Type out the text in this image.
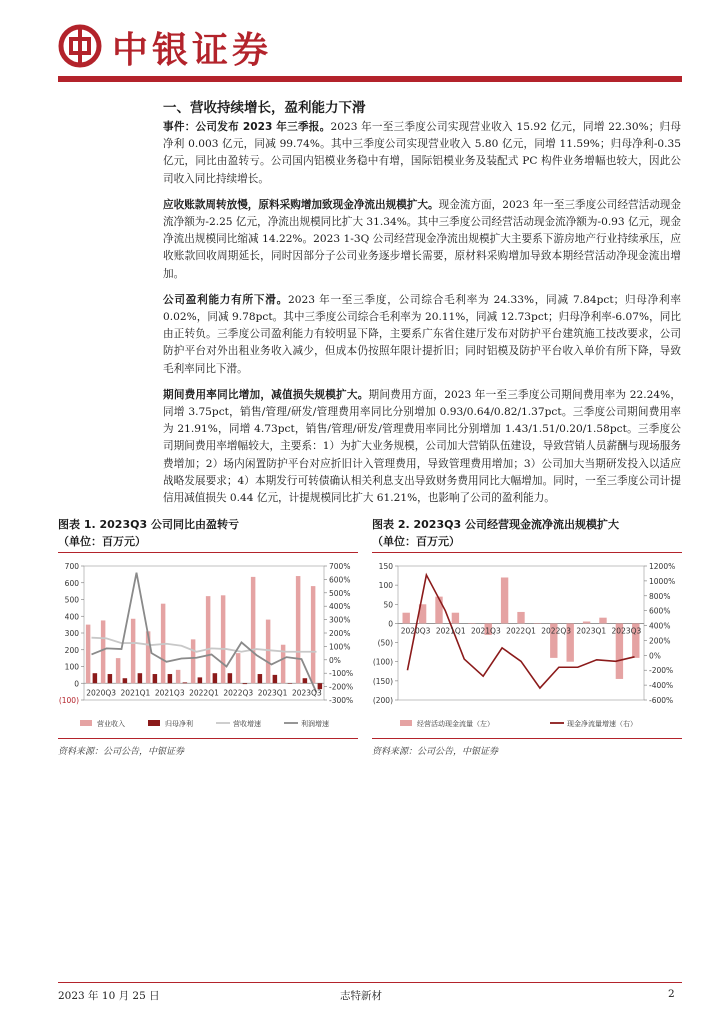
中银证券
一、营收持续增长，盈利能力下滑

事件：公司发布 2023 年三季报。2023 年一至三季度公司实现营业收入 15.92 亿元，同增 22.30%；归母净利 0.003 亿元，同减 99.74%。其中三季度公司实现营业收入 5.80 亿元，同增 11.59%；归母净利-0.35 亿元，同比由盈转亏。公司国内铝模业务稳中有增，国际铝模业务及装配式 PC 构件业务增幅也较大，因此公司收入同比持续增长。

应收账款周转放慢，原料采购增加致现金净流出规模扩大。现金流方面，2023 年一至三季度公司经营活动现金流净额为-2.25 亿元，净流出规模同比扩大 31.34%。其中三季度公司经营活动现金流净额为-0.93 亿元，现金净流出规模同比缩减 14.22%。2023 1-3Q 公司经营现金净流出规模扩大主要系下游房地产行业持续承压，应收账款回收周期延长，同时因部分子公司业务逐步增长需要，原材料采购增加导致本期经营活动净现金流出增加。

公司盈利能力有所下滑。2023 年一至三季度，公司综合毛利率为 24.33%，同减 7.84pct；归母净利率 0.02%，同减 9.78pct。其中三季度公司综合毛利率为 20.11%，同减 12.73pct；归母净利率-6.07%，同比由正转负。三季度公司盈利能力有较明显下降，主要系广东省住建厅发布对防护平台建筑施工技改要求，公司防护平台对外出租业务收入减少，但成本仍按照年限计提折旧；同时铝模及防护平台收入单价有所下降，导致毛利率同比下滑。

期间费用率同比增加，减值损失规模扩大。期间费用方面，2023 年一至三季度公司期间费用率为 22.24%，同增 3.75pct，销售/管理/研发/管理费用率同比分别增加 0.93/0.64/0.82/1.37pct。三季度公司期间费用率为 21.91%，同增 4.73pct，销售/管理/研发/管理费用率同比分别增加 1.43/1.51/0.20/1.58pct。三季度公司期间费用率增幅较大，主要系：1）为扩大业务规模，公司加大营销队伍建设，导致营销人员薪酬与现场服务费增加；2）场内闲置防护平台对应折旧计入管理费用，导致管理费用增加；3）公司加大当期研发投入以适应战略发展要求；4）本期发行可转债确认相关利息支出导致财务费用同比大幅增加。同时，一至三季度公司计提信用减值损失 0.44 亿元，计提规模同比扩大 61.21%，也影响了公司的盈利能力。

图表 1. 2023Q3 公司同比由盈转亏
（单位：百万元）
700
600
500
400
300
200
100
0
(100)
700%
600%
500%
400%
300%
200%
100%
0%
-100%
-200%
-300%
2020Q3 2021Q1 2021Q3 2022Q1 2022Q3 2023Q1 2023Q3
营业收入	归母净利	营收增速	利润增速
资料来源：公司公告，中银证券
图表 2. 2023Q3 公司经营现金流净流出规模扩大
（单位：百万元）
150
100
50
0
(50)
(100)
(150)
(200)
1200%
1000%
800%
600%
400%
200%
0%
-200%
-400%
-600%
2020Q3 2021Q1 2021Q3 2022Q1 2022Q3 2023Q1 2023Q3
经营活动现金流量（左）	现金净流量增速（右）
资料来源：公司公告，中银证券
2023 年 10 月 25 日	志特新材	2
